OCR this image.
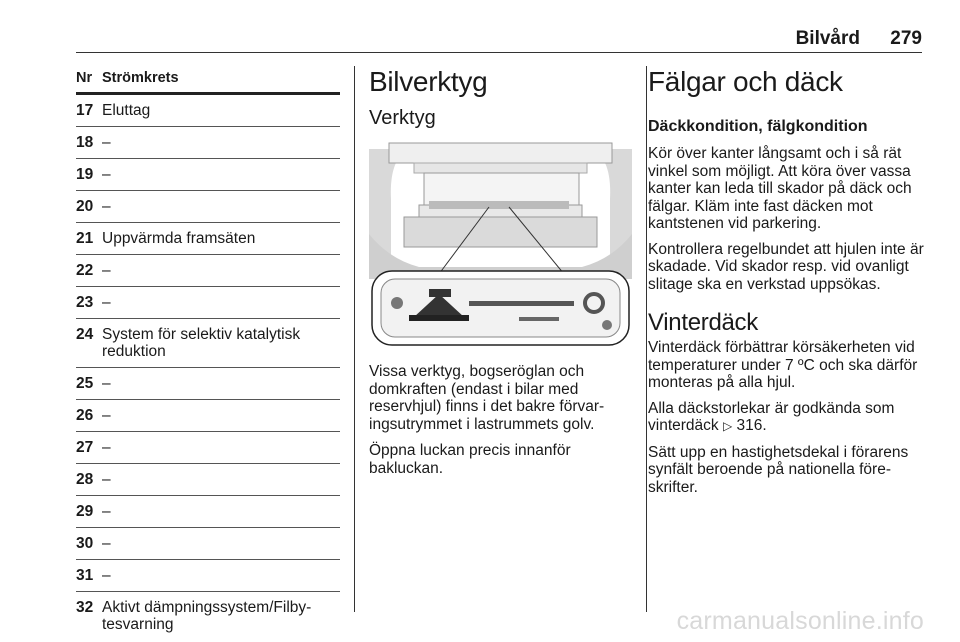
Bilvård 279
Nr Strömkrets
17 Eluttag
18 –
19 –
20 –
21 Uppvärmda framsäten
22 –
23 –
24 System för selektiv katalytisk reduktion
25 –
26 –
27 –
28 –
29 –
30 –
31 –
32 Aktivt dämpningssystem/Filbytesvarning
Bilverktyg
Verktyg

Vissa verktyg, bogseröglan och domkraften (endast i bilar med reservhjul) finns i det bakre förvaringsutrymmet i lastrummets golv.

Öppna luckan precis innanför bakluckan.

Fälgar och däck
Däckkondition, fälgkondition

Kör över kanter långsamt och i så rät vinkel som möjligt. Att köra över vassa kanter kan leda till skador på däck och fälgar. Kläm inte fast däcken mot kantstenen vid parkering.

Kontrollera regelbundet att hjulen inte är skadade. Vid skador resp. vid ovanligt slitage ska en verkstad uppsökas.

Vinterdäck

Vinterdäck förbättrar körsäkerheten vid temperaturer under 7 ºC och ska därför monteras på alla hjul.

Alla däckstorlekar är godkända som vinterdäck ▷ 316.

Sätt upp en hastighetsdekal i förarens synfält beroende på nationella föreskrifter.

carmanualsonline.info
